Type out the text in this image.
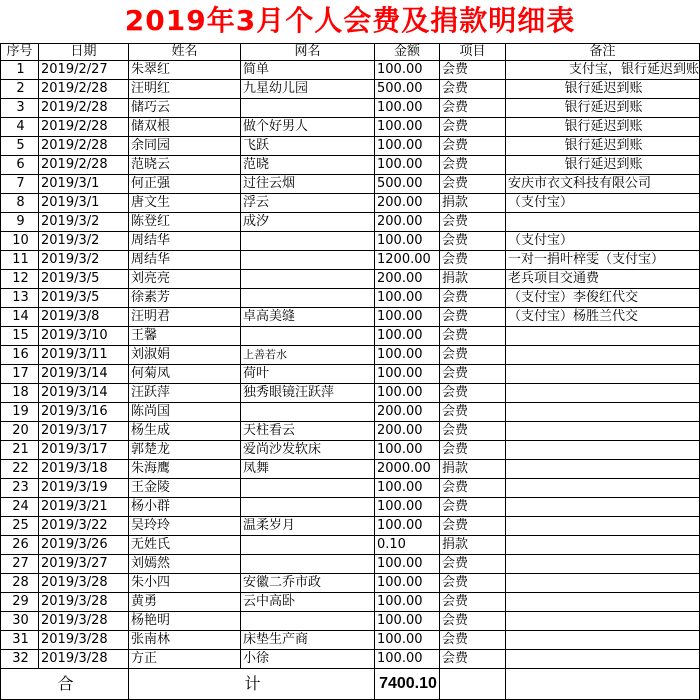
2019年3月个人会费及捐款明细表
序号	日期	姓名	网名	金额	项目	备注
1	2019/2/27	朱翠红	简单	100.00	会费	支付宝，银行延迟到账
2	2019/2/28	汪明红	九星幼儿园	500.00	会费	银行延迟到账
3	2019/2/28	储巧云		100.00	会费	银行延迟到账
4	2019/2/28	储双根	做个好男人	100.00	会费	银行延迟到账
5	2019/2/28	余同园	飞跃	100.00	会费	银行延迟到账
6	2019/2/28	范晓云	范晓	100.00	会费	银行延迟到账
7	2019/3/1	何正强	过往云烟	500.00	会费	安庆市衣文科技有限公司
8	2019/3/1	唐文生	浮云	200.00	捐款	（支付宝）
9	2019/3/2	陈登红	成汐	200.00	会费	
10	2019/3/2	周结华		100.00	会费	（支付宝）
11	2019/3/2	周结华		1200.00	会费	一对一捐叶梓雯（支付宝）
12	2019/3/5	刘亮亮		200.00	捐款	老兵项目交通费
13	2019/3/5	徐素芳		100.00	会费	（支付宝）李俊红代交
14	2019/3/8	汪明君	卓高美缝	100.00	会费	（支付宝）杨胜兰代交
15	2019/3/10	王馨		100.00	会费	
16	2019/3/11	刘淑娟	上善若水	100.00	会费	
17	2019/3/14	何菊凤	荷叶	100.00	会费	
18	2019/3/14	汪跃萍	独秀眼镜汪跃萍	100.00	会费	
19	2019/3/16	陈尚国		200.00	会费	
20	2019/3/17	杨生成	天柱看云	200.00	会费	
21	2019/3/17	郭楚龙	爱尚沙发软床	100.00	会费	
22	2019/3/18	朱海鹰	凤舞	2000.00	捐款	
23	2019/3/19	王金陵		100.00	会费	
24	2019/3/21	杨小群		100.00	会费	
25	2019/3/22	吴玲玲	温柔岁月	100.00	会费	
26	2019/3/26	无姓氏		0.10	捐款	
27	2019/3/27	刘嫣然		100.00	会费	
28	2019/3/28	朱小四	安徽二乔市政	100.00	会费	
29	2019/3/28	黄勇	云中高卧	100.00	会费	
30	2019/3/28	杨艳明		100.00	会费	
31	2019/3/28	张南林	床垫生产商	100.00	会费	
32	2019/3/28	方正	小徐	100.00	会费	
合		计		7400.10		
